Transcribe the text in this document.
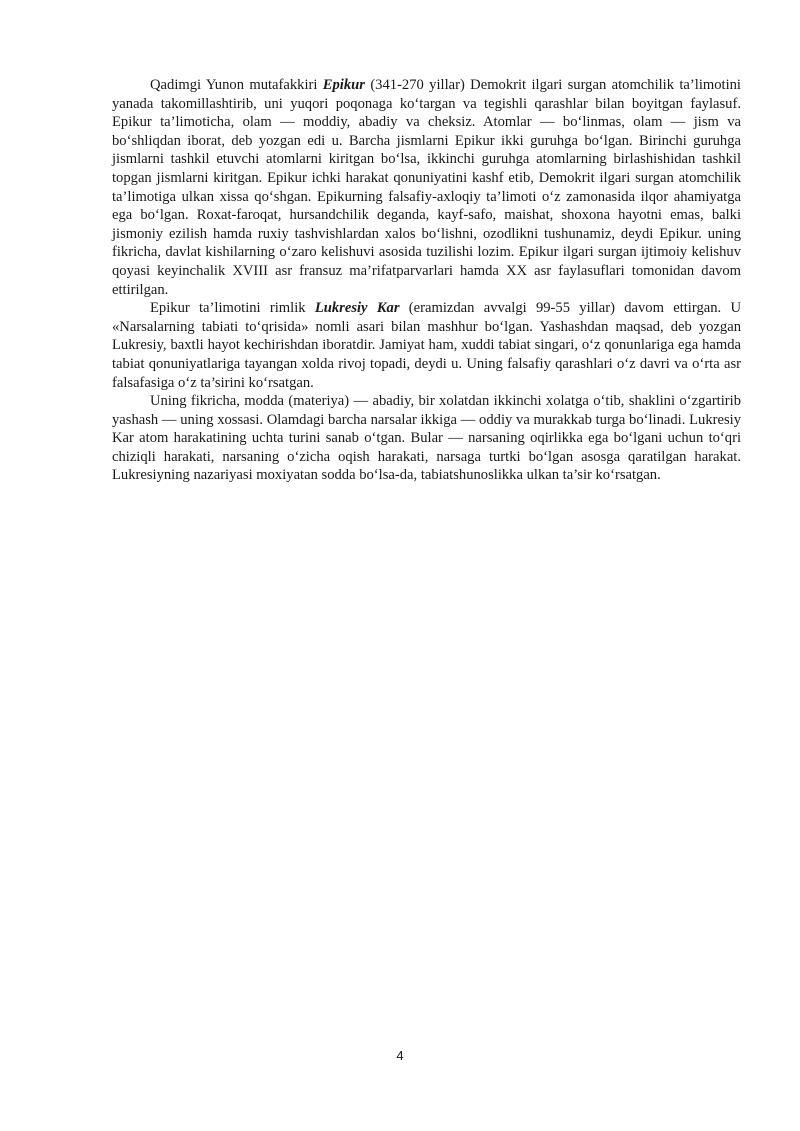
Qadimgi Yunon mutafakkiri Epikur (341-270 yillar) Demokrit ilgari surgan atomchilik ta’limotini yanada takomillashtirib, uni yuqori poqonaga ko‘targan va tegishli qarashlar bilan boyitgan faylasuf. Epikur ta’limoticha, olam — moddiy, abadiy va cheksiz. Atomlar — bo‘linmas, olam — jism va bo‘shliqdan iborat, deb yozgan edi u. Barcha jismlarni Epikur ikki guruhga bo‘lgan. Birinchi guruhga jismlarni tashkil etuvchi atomlarni kiritgan bo‘lsa, ikkinchi guruhga atomlarning birlashishidan tashkil topgan jismlarni kiritgan. Epikur ichki harakat qonuniyatini kashf etib, Demokrit ilgari surgan atomchilik ta’limotiga ulkan xissa qo‘shgan. Epikurning falsafiy-axloqiy ta’limoti o‘z zamonasida ilqor ahamiyatga ega bo‘lgan. Roxat-faroqat, hursandchilik deganda, kayf-safo, maishat, shoxona hayotni emas, balki jismoniy ezilish hamda ruxiy tashvishlardan xalos bo‘lishni, ozodlikni tushunamiz, deydi Epikur. uning fikricha, davlat kishilarning o‘zaro kelishuvi asosida tuzilishi lozim. Epikur ilgari surgan ijtimoiy kelishuv qoyasi keyinchalik XVIII asr fransuz ma’rifatparvarlari hamda XX asr faylasuflari tomonidan davom ettirilgan.

Epikur ta’limotini rimlik Lukresiy Kar (eramizdan avvalgi 99-55 yillar) davom ettirgan. U «Narsalarning tabiati to‘qrisida» nomli asari bilan mashhur bo‘lgan. Yashashdan maqsad, deb yozgan Lukresiy, baxtli hayot kechirishdan iboratdir. Jamiyat ham, xuddi tabiat singari, o‘z qonunlariga ega hamda tabiat qonuniyatlariga tayangan xolda rivoj topadi, deydi u. Uning falsafiy qarashlari o‘z davri va o‘rta asr falsafasiga o‘z ta’sirini ko‘rsatgan.

Uning fikricha, modda (materiya) — abadiy, bir xolatdan ikkinchi xolatga o‘tib, shaklini o‘zgartirib yashash — uning xossasi. Olamdagi barcha narsalar ikkiga — oddiy va murakkab turga bo‘linadi. Lukresiy Kar atom harakatining uchta turini sanab o‘tgan. Bular — narsaning oqirlikka ega bo‘lgani uchun to‘qri chiziqli harakati, narsaning o‘zicha oqish harakati, narsaga turtki bo‘lgan asosga qaratilgan harakat. Lukresiyning nazariyasi moxiyatan sodda bo‘lsa-da, tabiatshunoslikka ulkan ta’sir ko‘rsatgan.

4
